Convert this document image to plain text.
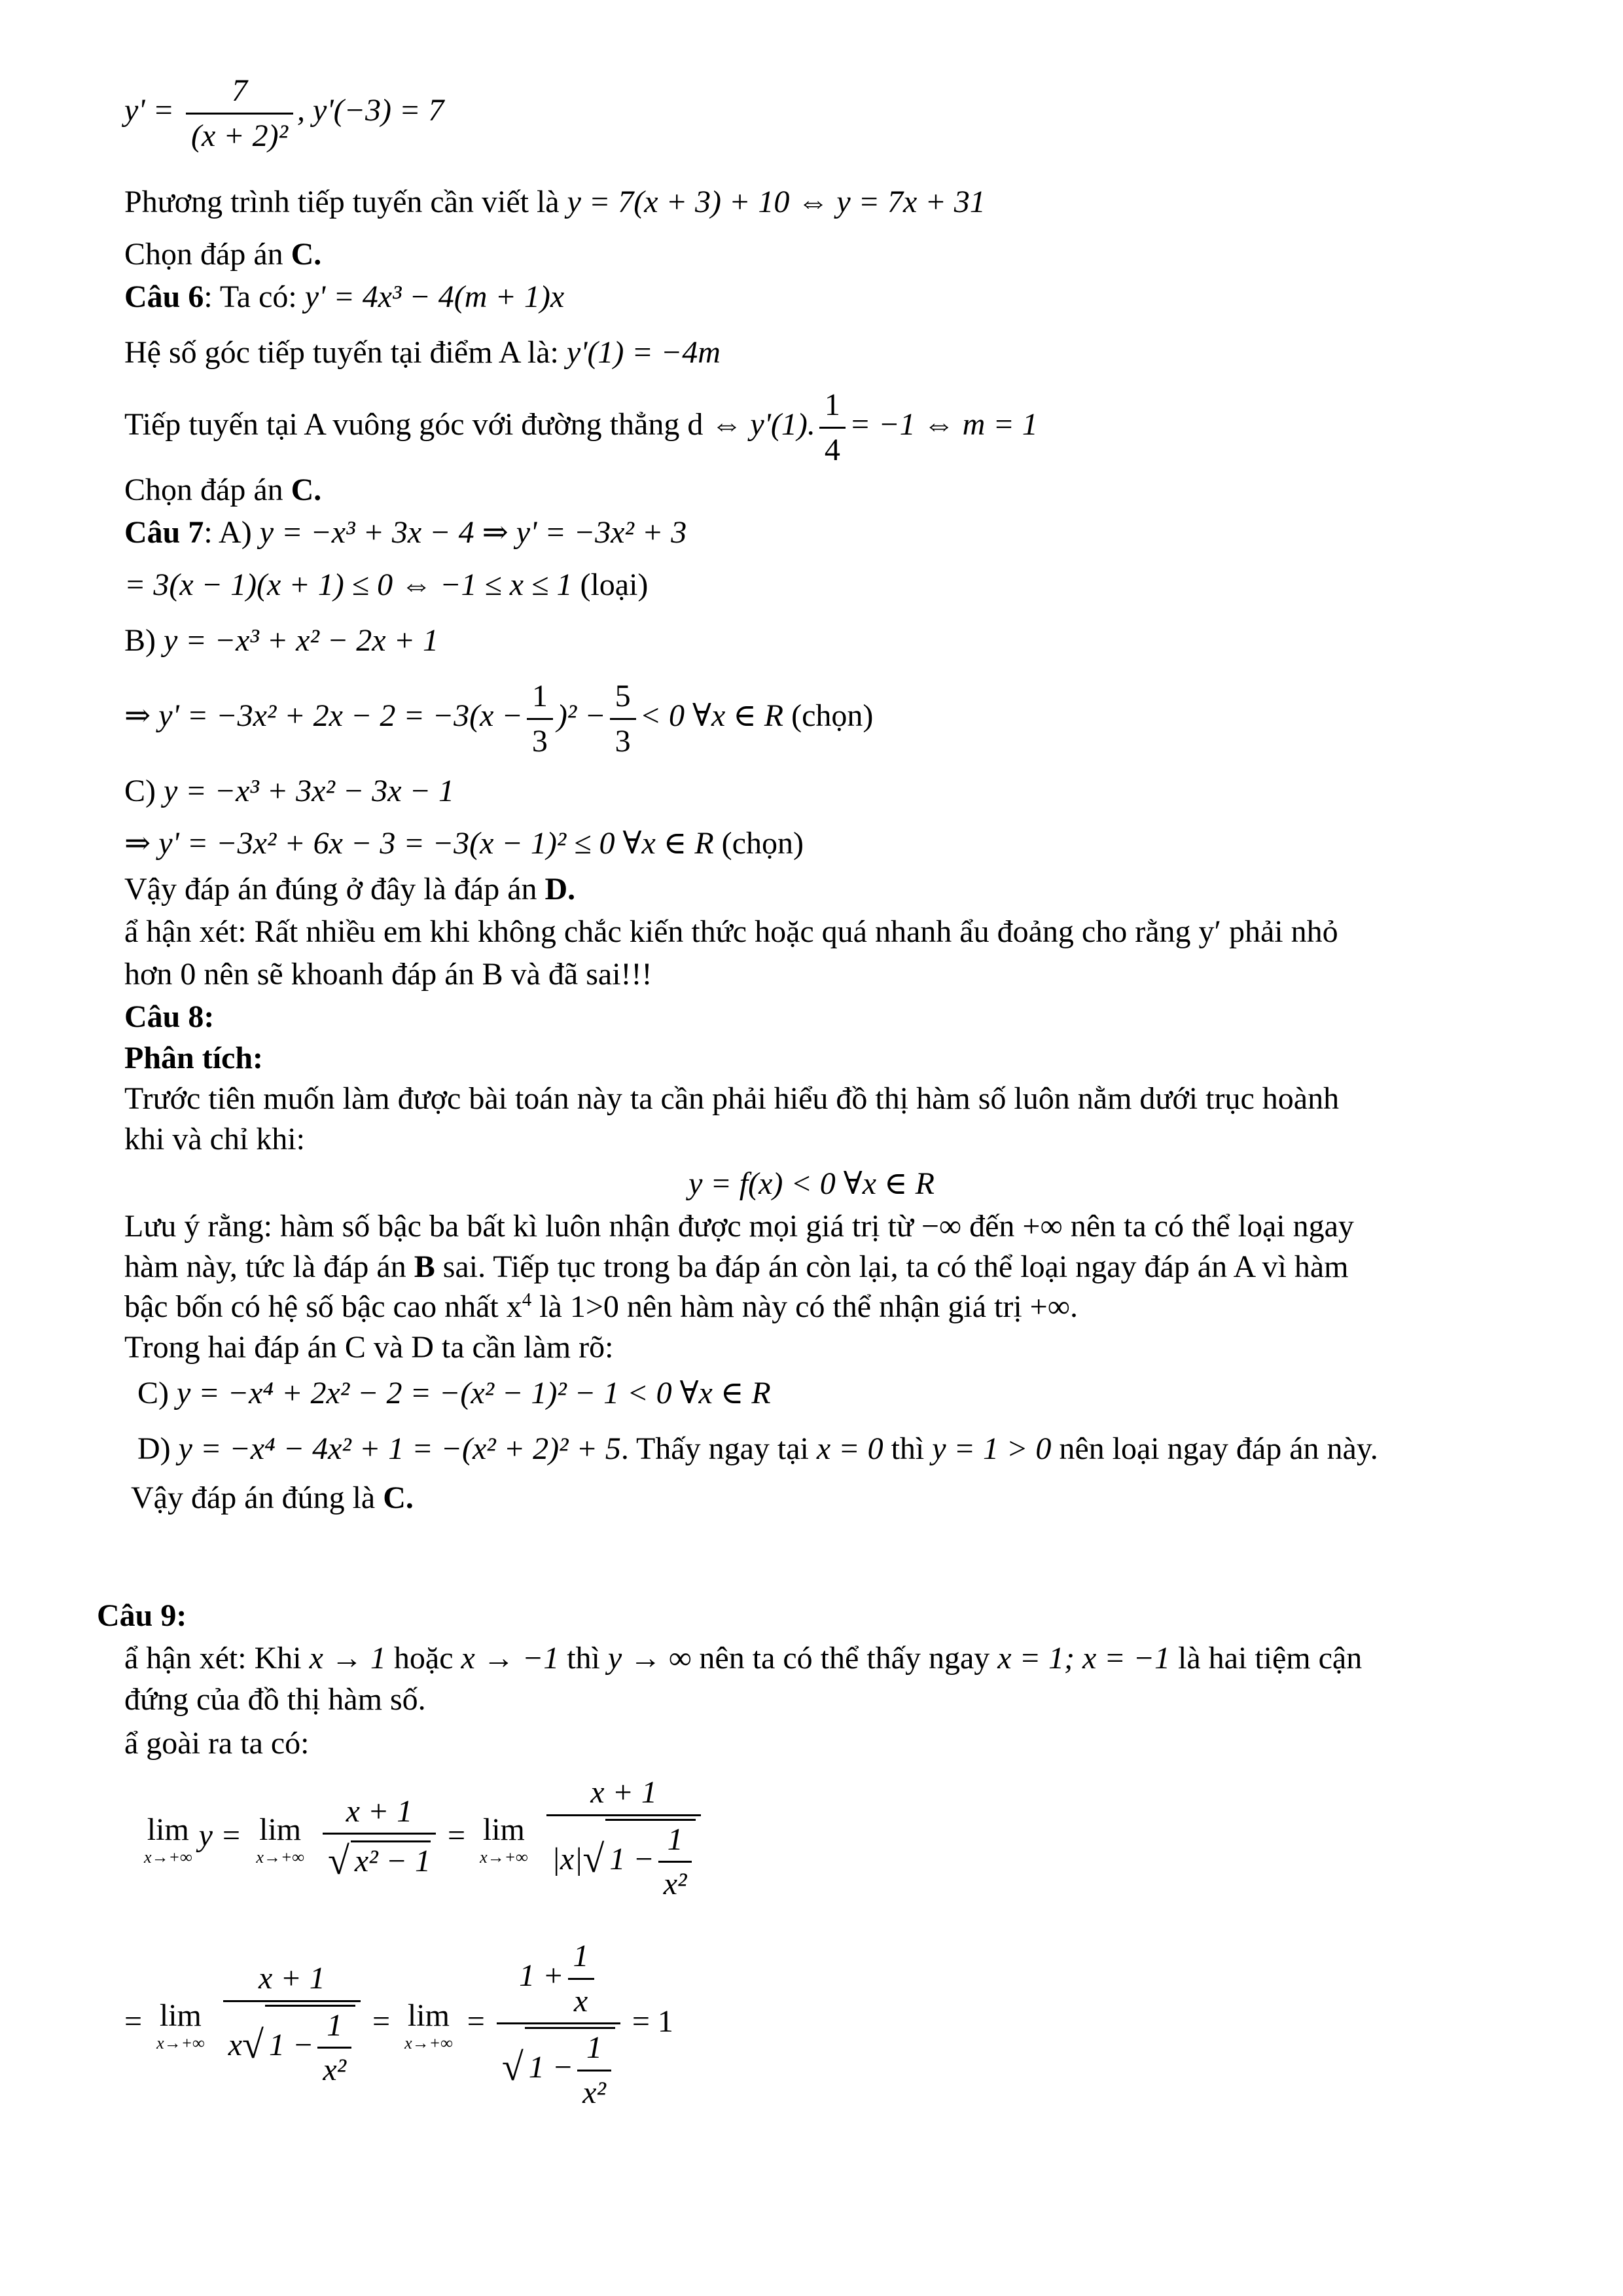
$y' = \frac{7}{\text{(x + 2)²}}$ , y'(−3) = 7
Phương trình tiếp tuyến cần viết là y = 7(x + 3) + 10 ⇔ y = 7x + 31
Chọn đáp án C.
Câu 6: Ta có: y' = 4x³ − 4(m + 1)x
Hệ số góc tiếp tuyến tại điểm A là: y'(1) = −4m
Tiếp tuyến tại A vuông góc với đường thẳng d ⇔ y'(1). $\frac{1}{4} = -1$ ⇔ m = 1
Chọn đáp án C.
Câu 7: A) y = −x³ + 3x − 4 ⇒ y' = −3x² + 3
= 3(x − 1)(x + 1) ≤ 0 ⇔ −1 ≤ x ≤ 1 (loại)
B) y = −x³ + x² − 2x + 1
⇒ $y' = -3x^2 + 2x - 2 = -3(x - \frac{1}{3} )^2 - \frac{5}{3} < 0$ ∀x ∈ R (chọn)
C) y = −x³ + 3x² − 3x − 1
⇒ y' = −3x² + 6x − 3 = −3(x − 1)² ≤ 0 ∀x ∈ R (chọn)
Vậy đáp án đúng ở đây là đáp án D.
ẩ hận xét: Rất nhiều em khi không chắc kiến thức hoặc quá nhanh ẩu đoảng cho rằng y′ phải nhỏ
hơn 0 nên sẽ khoanh đáp án B và đã sai!!!
Câu 8:
Phân tích:
Trước tiên muốn làm được bài toán này ta cần phải hiểu đồ thị hàm số luôn nằm dưới trục hoành
khi và chỉ khi:
y = f(x) < 0 ∀x ∈ R
Lưu ý rằng: hàm số bậc ba bất kì luôn nhận được mọi giá trị từ −∞ đến +∞ nên ta có thể loại ngay
hàm này, tức là đáp án B sai. Tiếp tục trong ba đáp án còn lại, ta có thể loại ngay đáp án A vì hàm
bậc bốn có hệ số bậc cao nhất $x^4$ là 1>0 nên hàm này có thể nhận giá trị +∞.
Trong hai đáp án C và D ta cần làm rõ:
C) y = −x⁴ + 2x² − 2 = −(x² − 1)² − 1 < 0 ∀x ∈ R
D) y = −x⁴ − 4x² + 1 = −(x² + 2)² + 5. Thấy ngay tại x = 0 thì y = 1 > 0 nên loại ngay đáp án này.
Vậy đáp án đúng là C.
Câu 9:
ẩ hận xét: Khi x → 1 hoặc x → −1 thì y → ∞ nên ta có thể thấy ngay x = 1; x = −1 là hai tiệm cận
đứng của đồ thị hàm số.
ẩ goài ra ta có:
lim
x→+∞
y = lim
x→+∞
$\frac{x + 1}{\text{√ x² − 1}} = \lim$
x→+∞
$\frac{x + 1}{|x|√ 1 - \frac{1}{\text{x²}}}$
= lim
x→+∞
$\frac{x + 1}{x√ 1 - \frac{1}{\text{x²}}} = \lim$
x→+∞
= $\frac{1 + \frac{1}{x}}{√ 1 - \frac{1}{\text{x²}}} = 1$
